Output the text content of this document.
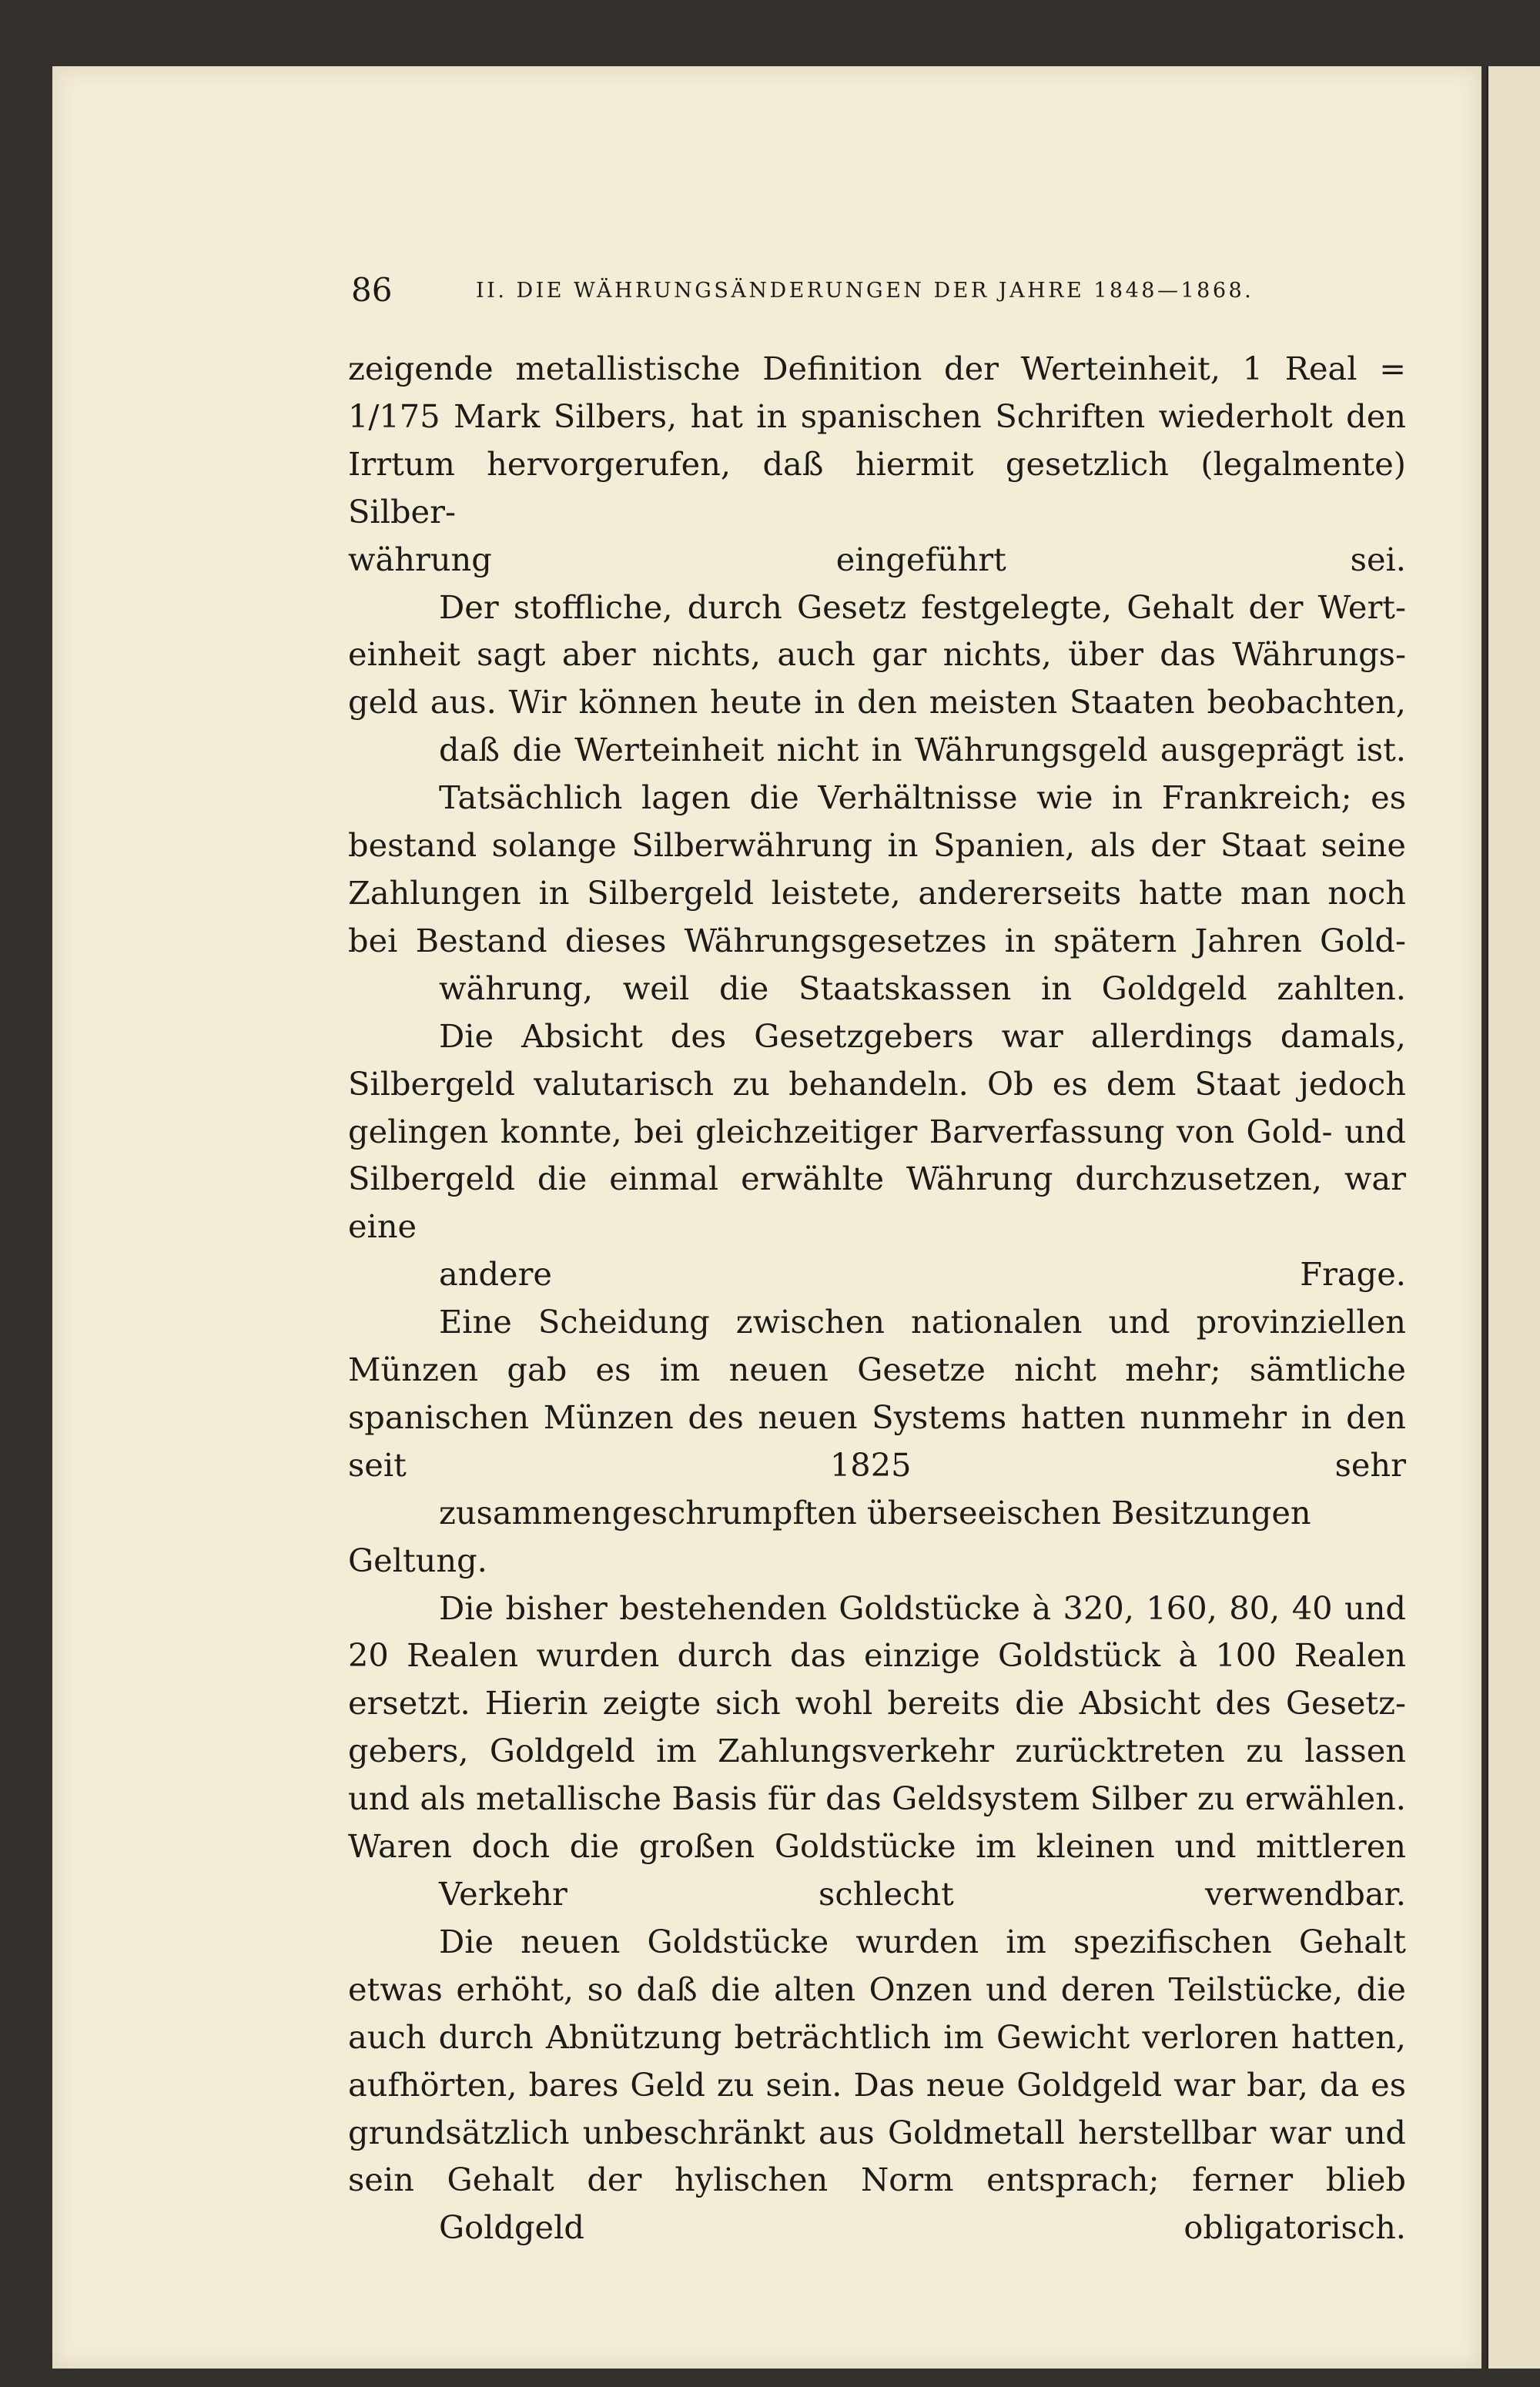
86	II. DIE WÄHRUNGSÄNDERUNGEN DER JAHRE 1848—1868.

zeigende metallistische Definition der Werteinheit, 1 Real = 1/175 Mark Silbers, hat in spanischen Schriften wiederholt den Irrtum hervorgerufen, daß hiermit gesetzlich (legalmente) Silber-
währung eingeführt sei.

Der stoffliche, durch Gesetz festgelegte, Gehalt der Wert- einheit sagt aber nichts, auch gar nichts, über das Währungs- geld aus. Wir können heute in den meisten Staaten beobachten,
daß die Werteinheit nicht in Währungsgeld ausgeprägt ist.

Tatsächlich lagen die Verhältnisse wie in Frankreich; es bestand solange Silberwährung in Spanien, als der Staat seine Zahlungen in Silbergeld leistete, andererseits hatte man noch bei Bestand dieses Währungsgesetzes in spätern Jahren Gold-
währung, weil die Staatskassen in Goldgeld zahlten.

Die Absicht des Gesetzgebers war allerdings damals, Silbergeld valutarisch zu behandeln. Ob es dem Staat jedoch gelingen konnte, bei gleichzeitiger Barverfassung von Gold- und Silbergeld die einmal erwählte Währung durchzusetzen, war eine
andere Frage.

Eine Scheidung zwischen nationalen und provinziellen Münzen gab es im neuen Gesetze nicht mehr; sämtliche spanischen Münzen des neuen Systems hatten nunmehr in den seit 1825 sehr
zusammengeschrumpften überseeischen Besitzungen Geltung.

Die bisher bestehenden Goldstücke à 320, 160, 80, 40 und 20 Realen wurden durch das einzige Goldstück à 100 Realen ersetzt. Hierin zeigte sich wohl bereits die Absicht des Gesetz- gebers, Goldgeld im Zahlungsverkehr zurücktreten zu lassen und als metallische Basis für das Geldsystem Silber zu erwählen. Waren doch die großen Goldstücke im kleinen und mittleren
Verkehr schlecht verwendbar.

Die neuen Goldstücke wurden im spezifischen Gehalt etwas erhöht, so daß die alten Onzen und deren Teilstücke, die auch durch Abnützung beträchtlich im Gewicht verloren hatten, aufhörten, bares Geld zu sein. Das neue Goldgeld war bar, da es grundsätzlich unbeschränkt aus Goldmetall herstellbar war und sein Gehalt der hylischen Norm entsprach; ferner blieb
Goldgeld obligatorisch.
